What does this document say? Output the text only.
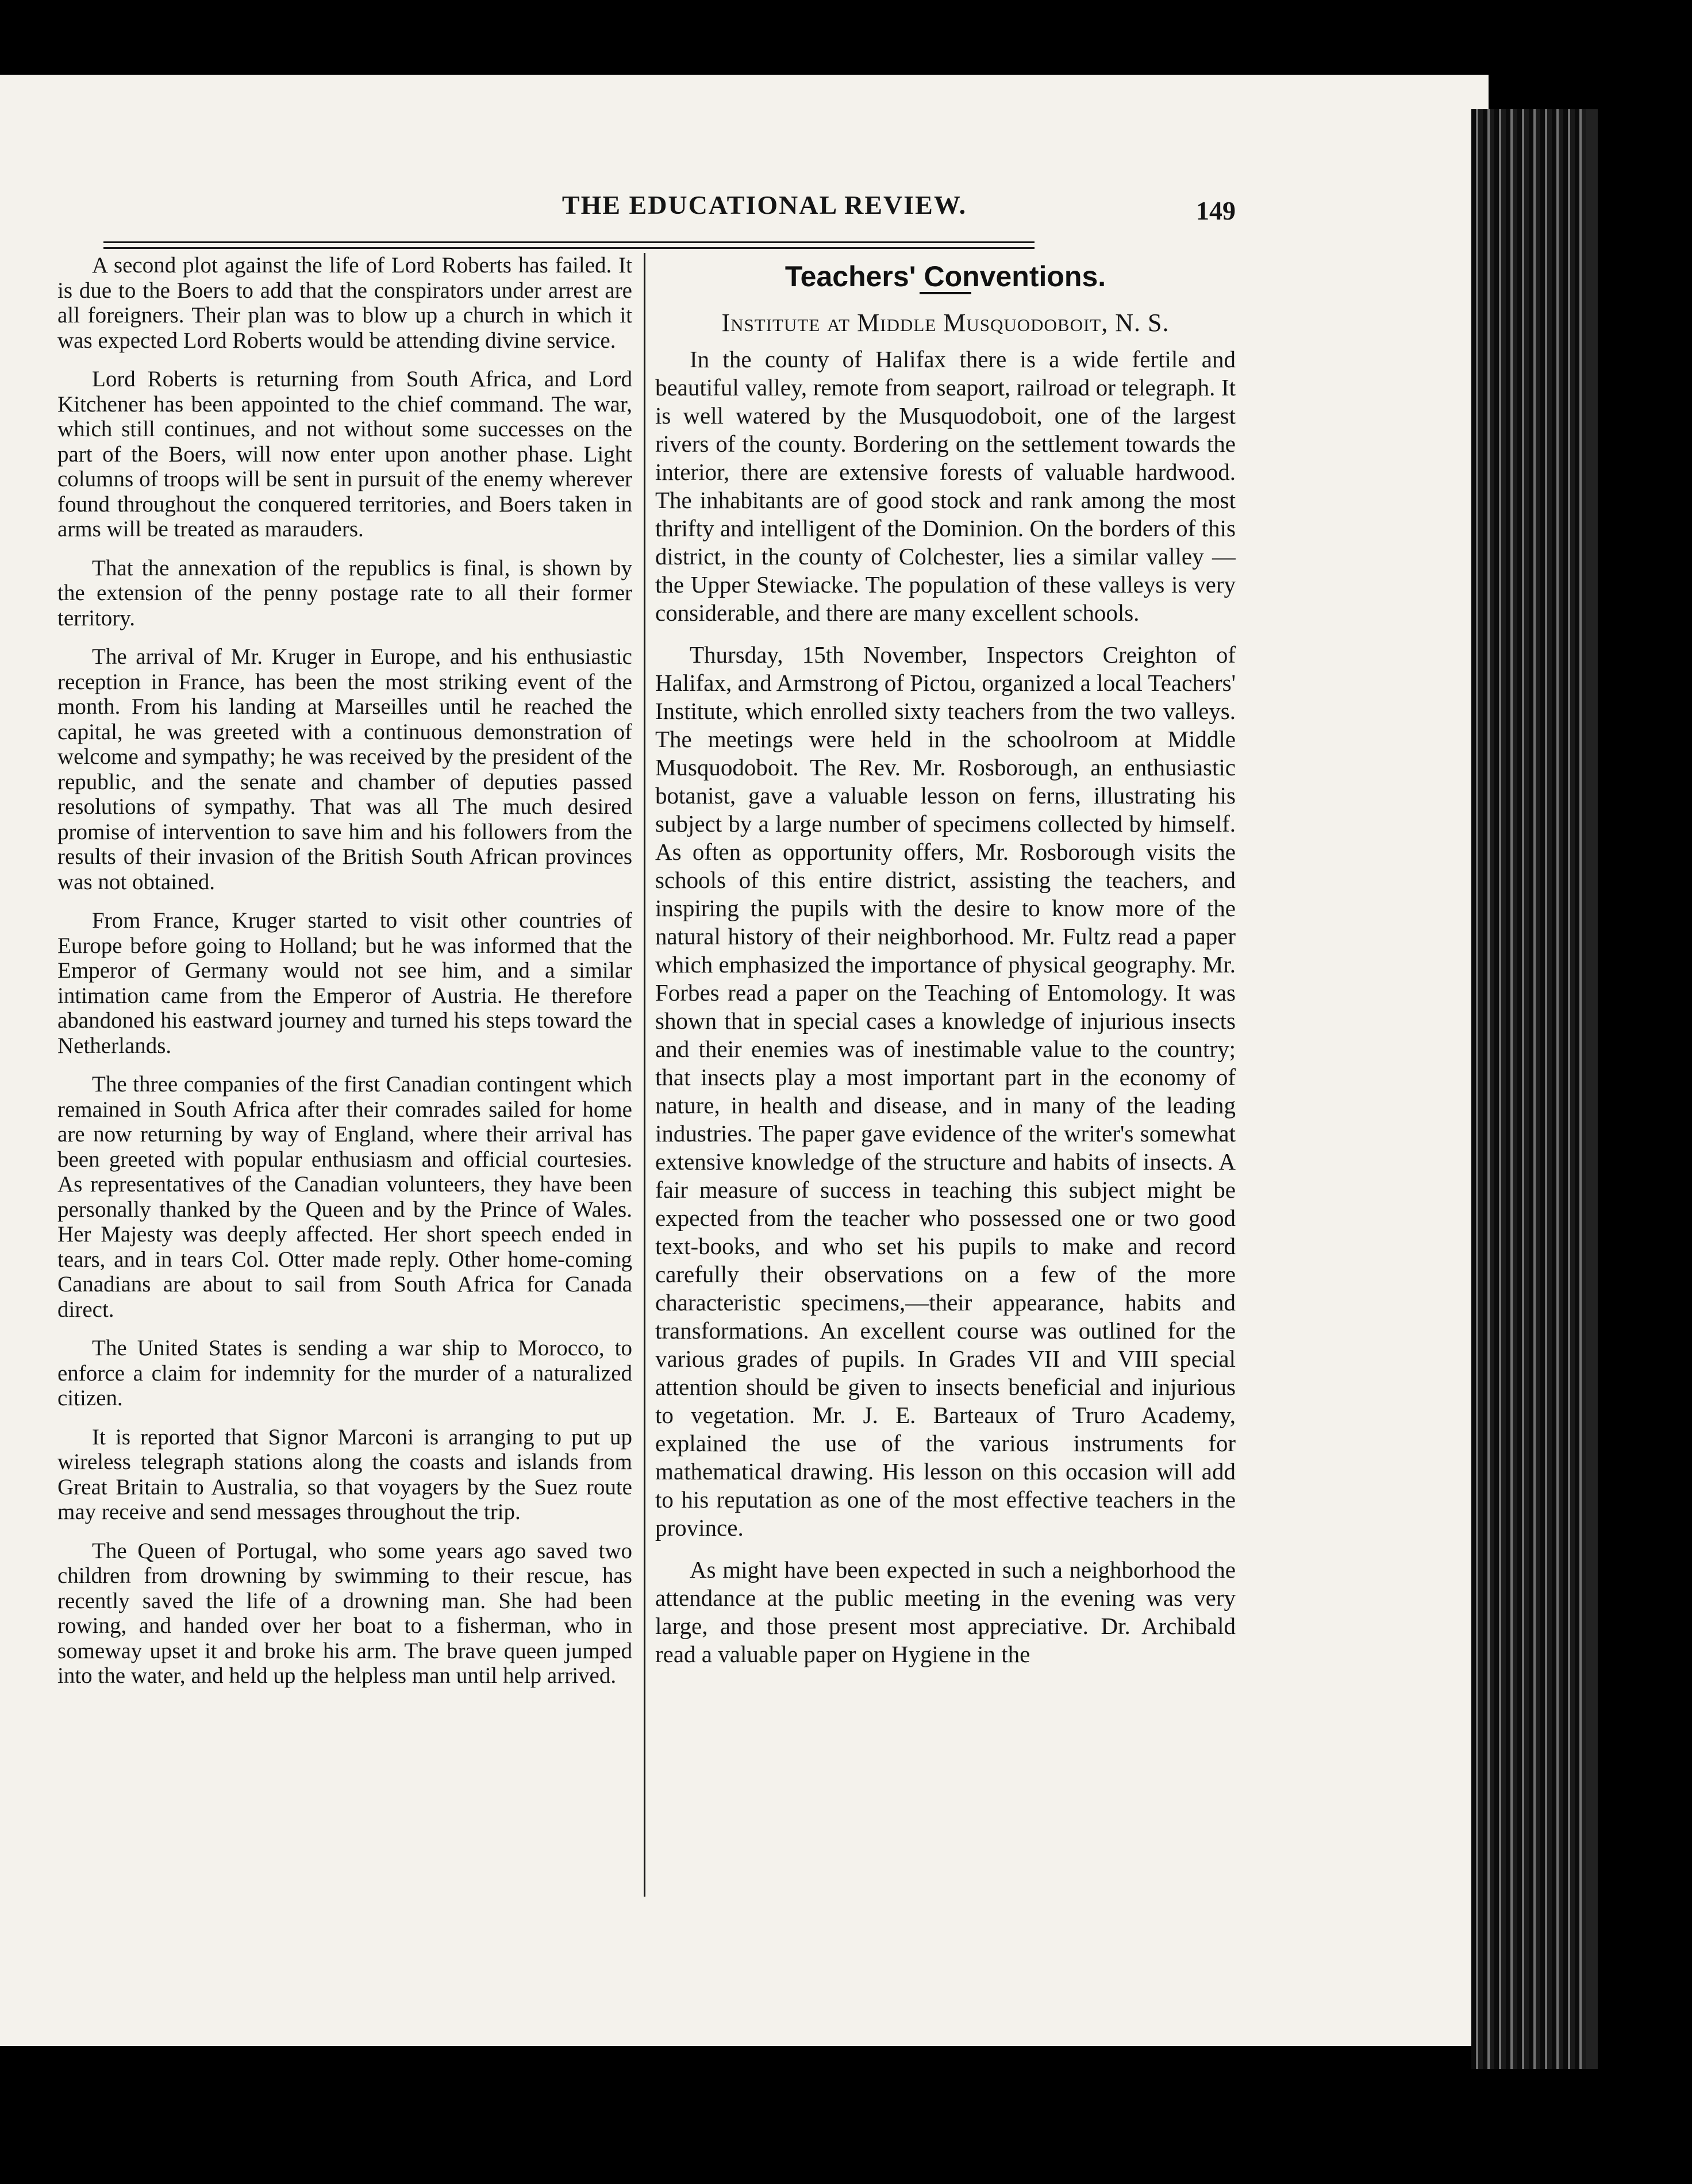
THE EDUCATIONAL REVIEW.	149

A second plot against the life of Lord Roberts has failed. It is due to the Boers to add that the conspirators under arrest are all foreigners. Their plan was to blow up a church in which it was expected Lord Roberts would be attending divine service.

Lord Roberts is returning from South Africa, and Lord Kitchener has been appointed to the chief command. The war, which still continues, and not without some successes on the part of the Boers, will now enter upon another phase. Light columns of troops will be sent in pursuit of the enemy wherever found throughout the conquered territories, and Boers taken in arms will be treated as marauders.

That the annexation of the republics is final, is shown by the extension of the penny postage rate to all their former territory.

The arrival of Mr. Kruger in Europe, and his enthusiastic reception in France, has been the most striking event of the month. From his landing at Marseilles until he reached the capital, he was greeted with a continuous demonstration of welcome and sympathy; he was received by the president of the republic, and the senate and chamber of deputies passed resolutions of sympathy. That was all The much desired promise of intervention to save him and his followers from the results of their invasion of the British South African provinces was not obtained.

From France, Kruger started to visit other countries of Europe before going to Holland; but he was informed that the Emperor of Germany would not see him, and a similar intimation came from the Emperor of Austria. He therefore abandoned his eastward journey and turned his steps toward the Netherlands.

The three companies of the first Canadian contingent which remained in South Africa after their comrades sailed for home are now returning by way of England, where their arrival has been greeted with popular enthusiasm and official courtesies. As representatives of the Canadian volunteers, they have been personally thanked by the Queen and by the Prince of Wales. Her Majesty was deeply affected. Her short speech ended in tears, and in tears Col. Otter made reply. Other home-coming Canadians are about to sail from South Africa for Canada direct.

The United States is sending a war ship to Morocco, to enforce a claim for indemnity for the murder of a naturalized citizen.

It is reported that Signor Marconi is arranging to put up wireless telegraph stations along the coasts and islands from Great Britain to Australia, so that voyagers by the Suez route may receive and send messages throughout the trip.

The Queen of Portugal, who some years ago saved two children from drowning by swimming to their rescue, has recently saved the life of a drowning man. She had been rowing, and handed over her boat to a fisherman, who in someway upset it and broke his arm. The brave queen jumped into the water, and held up the helpless man until help arrived.

Teachers' Conventions.
Institute at Middle Musquodoboit, N. S.

In the county of Halifax there is a wide fertile and beautiful valley, remote from seaport, railroad or telegraph. It is well watered by the Musquodoboit, one of the largest rivers of the county. Bordering on the settlement towards the interior, there are extensive forests of valuable hardwood. The inhabitants are of good stock and rank among the most thrifty and intelligent of the Dominion. On the borders of this district, in the county of Colchester, lies a similar valley — the Upper Stewiacke. The population of these valleys is very considerable, and there are many excellent schools.

Thursday, 15th November, Inspectors Creighton of Halifax, and Armstrong of Pictou, organized a local Teachers' Institute, which enrolled sixty teachers from the two valleys. The meetings were held in the schoolroom at Middle Musquodoboit. The Rev. Mr. Rosborough, an enthusiastic botanist, gave a valuable lesson on ferns, illustrating his subject by a large number of specimens collected by himself. As often as opportunity offers, Mr. Rosborough visits the schools of this entire district, assisting the teachers, and inspiring the pupils with the desire to know more of the natural history of their neighborhood. Mr. Fultz read a paper which emphasized the importance of physical geography. Mr. Forbes read a paper on the Teaching of Entomology. It was shown that in special cases a knowledge of injurious insects and their enemies was of inestimable value to the country; that insects play a most important part in the economy of nature, in health and disease, and in many of the leading industries. The paper gave evidence of the writer's somewhat extensive knowledge of the structure and habits of insects. A fair measure of success in teaching this subject might be expected from the teacher who possessed one or two good text-books, and who set his pupils to make and record carefully their observations on a few of the more characteristic specimens,—their appearance, habits and transformations. An excellent course was outlined for the various grades of pupils. In Grades VII and VIII special attention should be given to insects beneficial and injurious to vegetation. Mr. J. E. Barteaux of Truro Academy, explained the use of the various instruments for mathematical drawing. His lesson on this occasion will add to his reputation as one of the most effective teachers in the province.

As might have been expected in such a neighborhood the attendance at the public meeting in the evening was very large, and those present most appreciative. Dr. Archibald read a valuable paper on Hygiene in the
